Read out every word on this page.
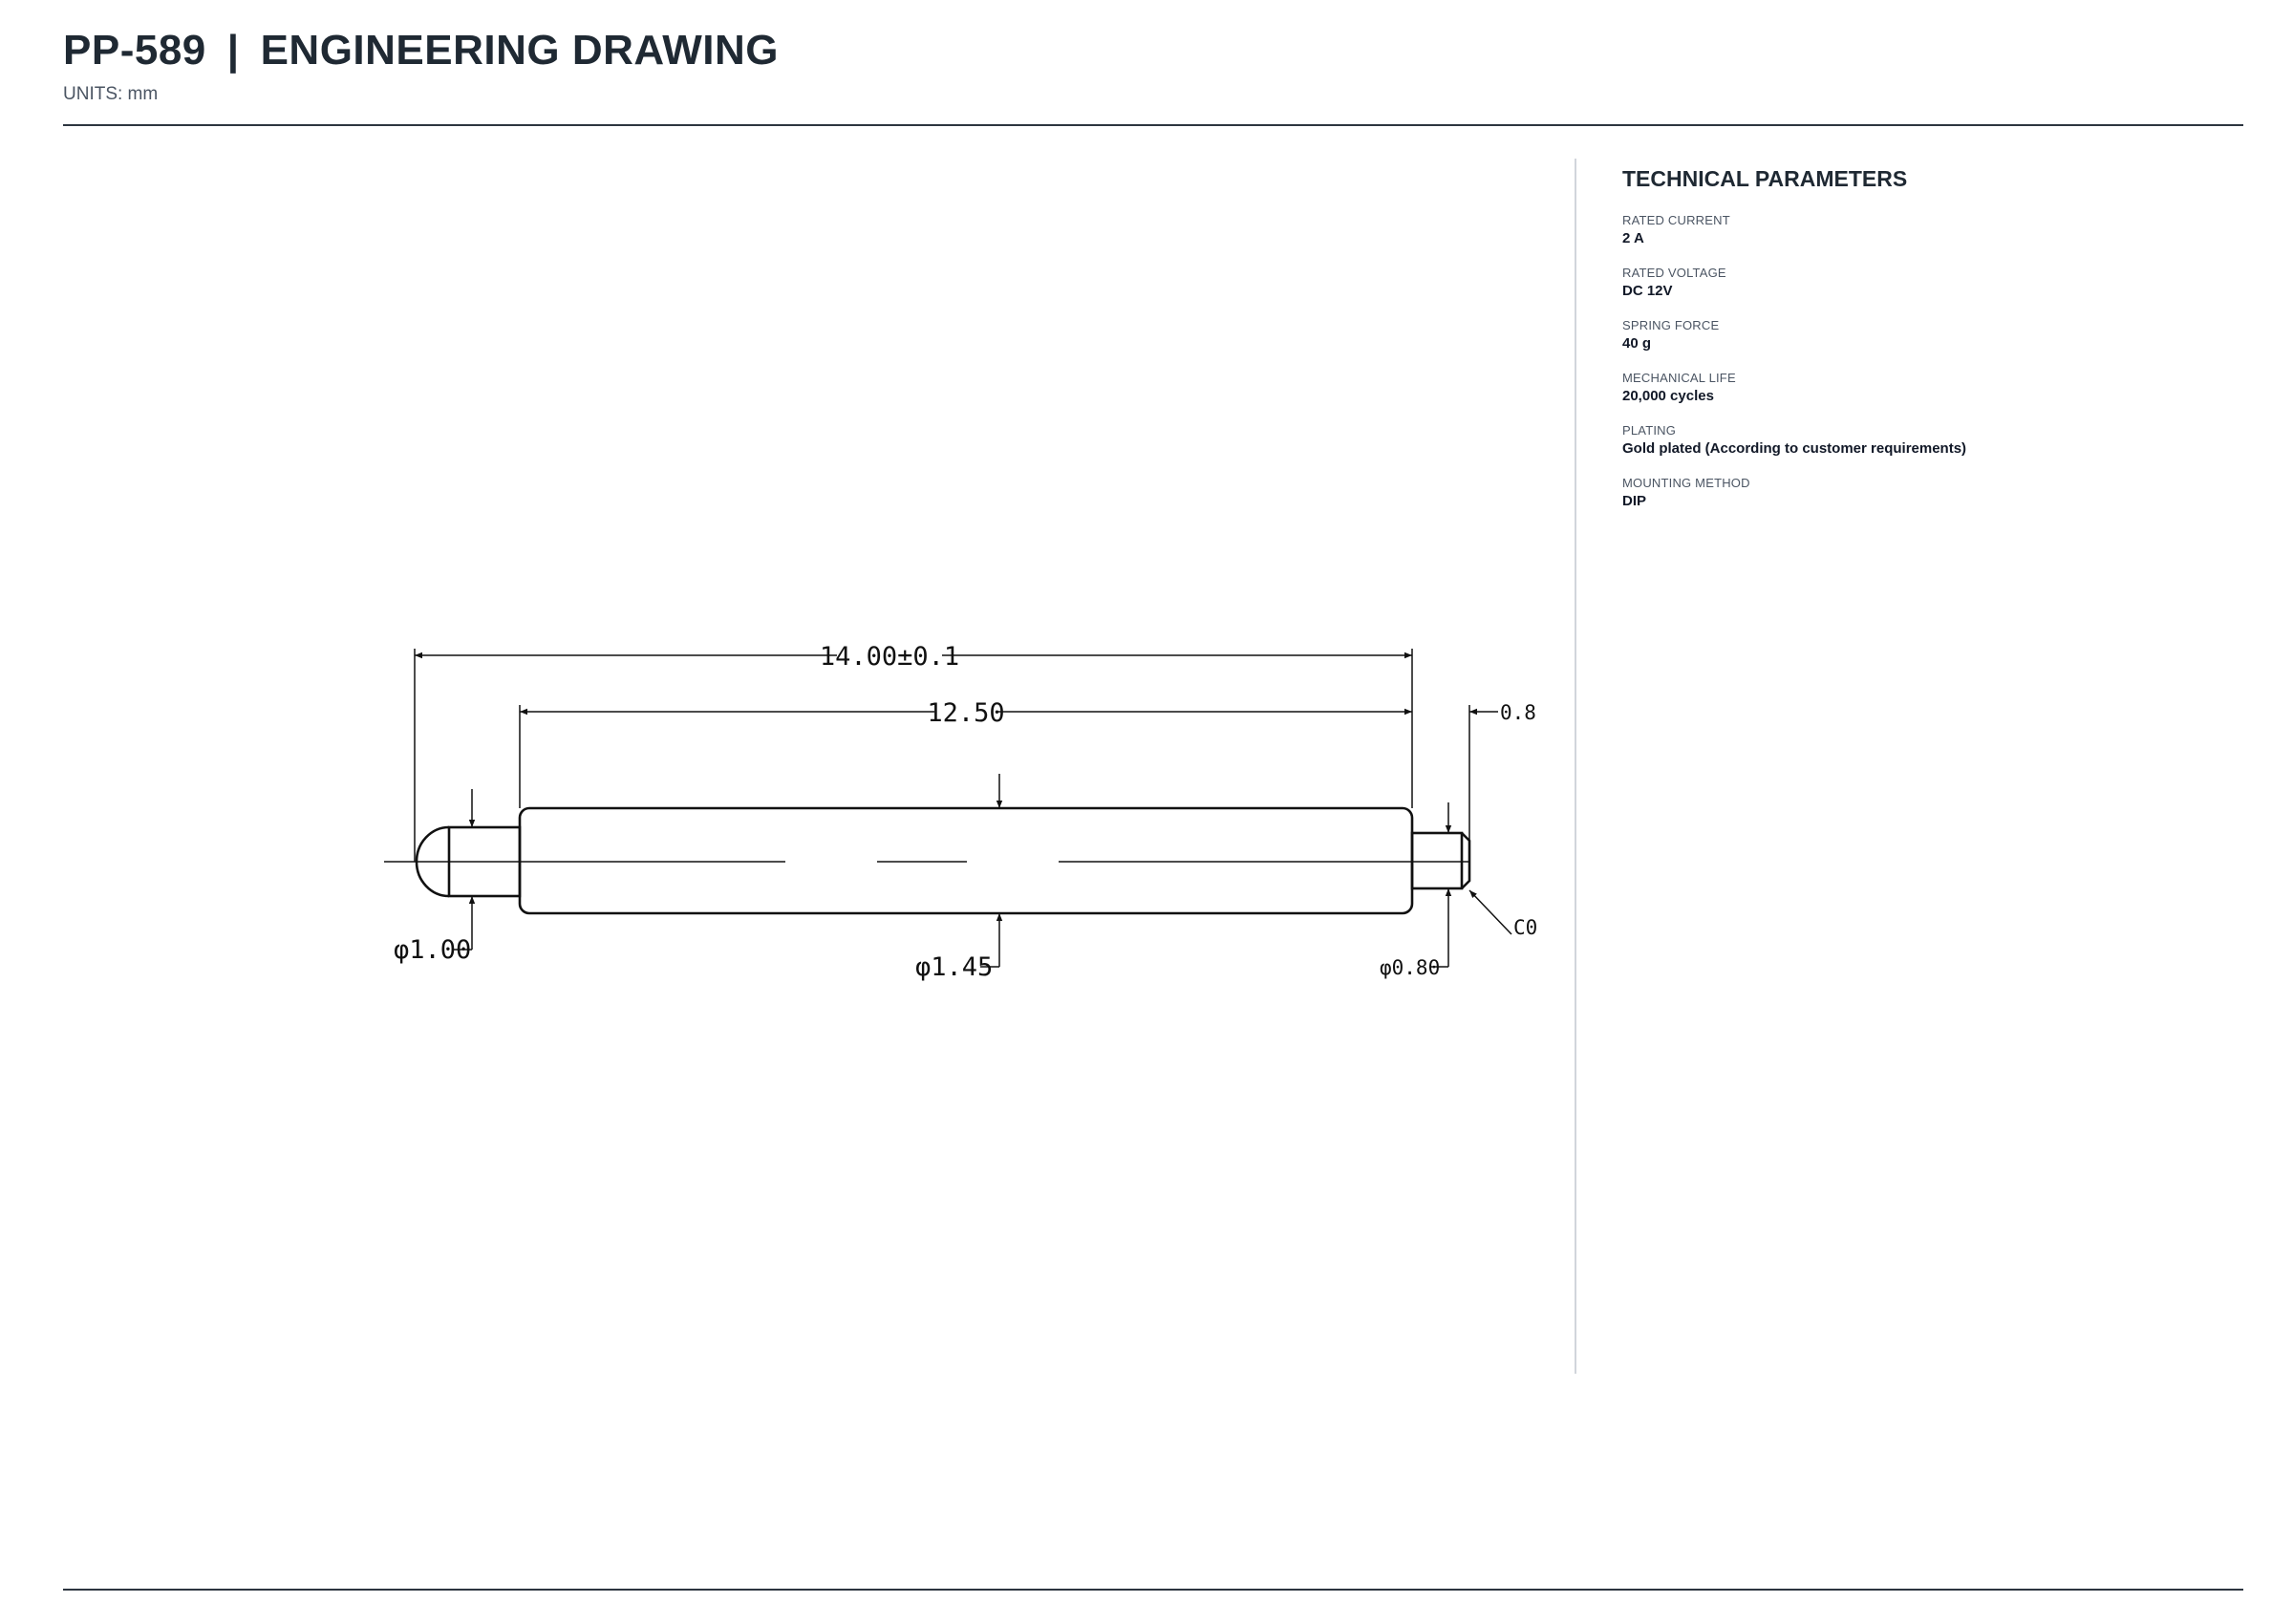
PP-589 | ENGINEERING DRAWING
UNITS: mm
14.00±0.1
12.50	0.8
φ1.00
φ1.45	φ0.80
C0
TECHNICAL PARAMETERS
RATED CURRENT
2 A
RATED VOLTAGE
DC 12V
SPRING FORCE
40 g
MECHANICAL LIFE
20,000 cycles
PLATING
Gold plated (According to customer requirements)
MOUNTING METHOD
DIP
